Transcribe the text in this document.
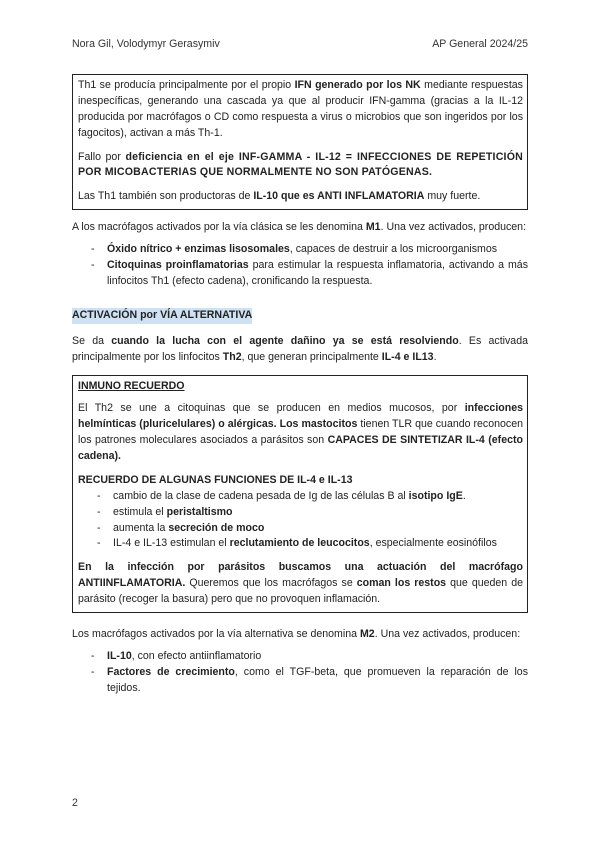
Nora Gil, Volodymyr Gerasymiv	AP General 2024/25

Th1 se producía principalmente por el propio IFN generado por los NK mediante respuestas inespecíficas, generando una cascada ya que al producir IFN-gamma (gracias a la IL-12 producida por macrófagos o CD como respuesta a virus o microbios que son ingeridos por los fagocitos), activan a más Th-1.

Fallo por deficiencia en el eje INF-GAMMA - IL-12 = INFECCIONES DE REPETICIÓN POR MICOBACTERIAS QUE NORMALMENTE NO SON PATÓGENAS.

Las Th1 también son productoras de IL-10 que es ANTI INFLAMATORIA muy fuerte.

A los macrófagos activados por la vía clásica se les denomina M1. Una vez activados, producen:

- Óxido nítrico + enzimas lisosomales, capaces de destruir a los microorganismos
- Citoquinas proinflamatorias para estimular la respuesta inflamatoria, activando a más linfocitos Th1 (efecto cadena), cronificando la respuesta.
ACTIVACIÓN por VÍA ALTERNATIVA

Se da cuando la lucha con el agente dañino ya se está resolviendo. Es activada principalmente por los linfocitos Th2, que generan principalmente IL-4 e IL13.

INMUNO RECUERDO

El Th2 se une a citoquinas que se producen en medios mucosos, por infecciones helmínticas (pluricelulares) o alérgicas. Los mastocitos tienen TLR que cuando reconocen los patrones moleculares asociados a parásitos son CAPACES DE SINTETIZAR IL-4 (efecto cadena).

RECUERDO DE ALGUNAS FUNCIONES DE IL-4 e IL-13

- cambio de la clase de cadena pesada de Ig de las células B al isotipo IgE.
- estimula el peristaltismo
- aumenta la secreción de moco
- IL-4 e IL-13 estimulan el reclutamiento de leucocitos, especialmente eosinófilos

En la infección por parásitos buscamos una actuación del macrófago ANTIINFLAMATORIA. Queremos que los macrófagos se coman los restos que queden de parásito (recoger la basura) pero que no provoquen inflamación.

Los macrófagos activados por la vía alternativa se denomina M2. Una vez activados, producen:

- IL-10, con efecto antiinflamatorio
- Factores de crecimiento, como el TGF-beta, que promueven la reparación de los tejidos.
2
